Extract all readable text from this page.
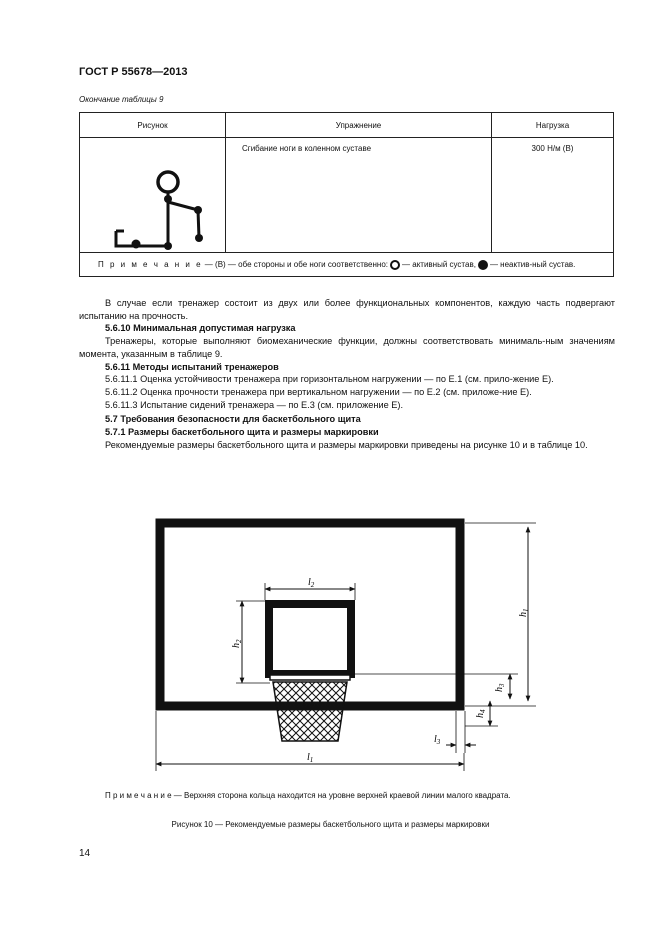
ГОСТ Р 55678—2013
Окончание таблицы 9
Рисунок	Упражнение	Нагрузка
	Сгибание ноги в коленном суставе	300 Н/м (B)
П р и м е ч а н и е — (B) — обе стороны и обе ноги соответственно: — активный сустав, — неактив-ный сустав.		

В случае если тренажер состоит из двух или более функциональных компонентов, каждую часть подвергают испытанию на прочность.

5.6.10 Минимальная допустимая нагрузка

Тренажеры, которые выполняют биомеханические функции, должны соответствовать минималь-ным значениям момента, указанным в таблице 9.

5.6.11 Методы испытаний тренажеров

5.6.11.1 Оценка устойчивости тренажера при горизонтальном нагружении — по Е.1 (см. прило-жение Е).

5.6.11.2 Оценка прочности тренажера при вертикальном нагружении — по Е.2 (см. приложе-ние Е).

5.6.11.3 Испытание сидений тренажера — по Е.3 (см. приложение Е).

5.7 Требования безопасности для баскетбольного щита

5.7.1 Размеры баскетбольного щита и размеры маркировки

Рекомендуемые размеры баскетбольного щита и размеры маркировки приведены на рисунке 10 и в таблице 10.

$l_2$
$h_2$
$h_1$
$h_3$
$h_4$
$l_3$
$l_1$
П р и м е ч а н и е — Верхняя сторона кольца находится на уровне верхней краевой линии малого квадрата.
Рисунок 10 — Рекомендуемые размеры баскетбольного щита и размеры маркировки
14
